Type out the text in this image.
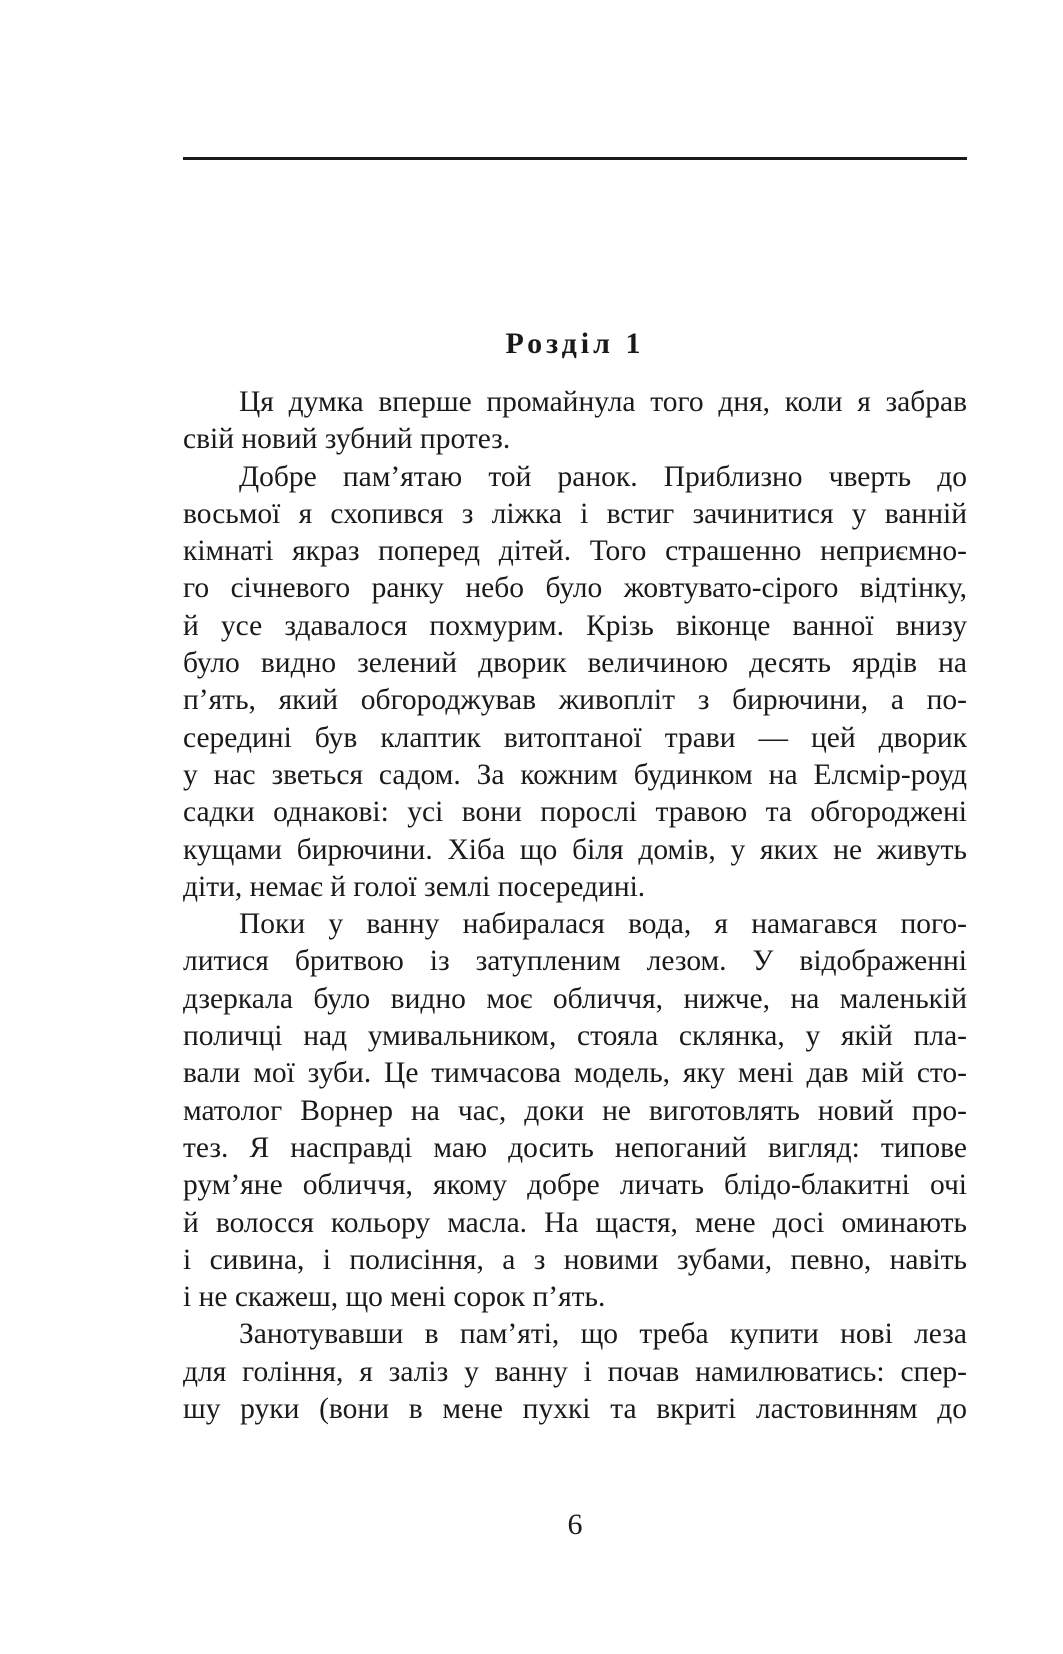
Розділ 1
Ця думка вперше промайнула того дня, коли я забрав
свій новий зубний протез.
Добре пам’ятаю той ранок. Приблизно чверть до
восьмої я схопився з ліжка і встиг зачинитися у ванній
кімнаті якраз поперед дітей. Того страшенно неприємно-
го січневого ранку небо було жовтувато-сірого відтінку,
й усе здавалося похмурим. Крізь віконце ванної внизу
було видно зелений дворик величиною десять ярдів на
п’ять, який обгороджував живопліт з бирючини, а по-
середині був клаптик витоптаної трави — цей дворик
у нас зветься садом. За кожним будинком на Елсмір-роуд
садки однакові: усі вони порослі травою та обгороджені
кущами бирючини. Хіба що біля домів, у яких не живуть
діти, немає й голої землі посередині.
Поки у ванну набиралася вода, я намагався пого-
литися бритвою із затупленим лезом. У відображенні
дзеркала було видно моє обличчя, нижче, на маленькій
поличці над умивальником, стояла склянка, у якій пла-
вали мої зуби. Це тимчасова модель, яку мені дав мій сто-
матолог Ворнер на час, доки не виготовлять новий про-
тез. Я насправді маю досить непоганий вигляд: типове
рум’яне обличчя, якому добре личать блідо-блакитні очі
й волосся кольору масла. На щастя, мене досі оминають
і сивина, і полисіння, а з новими зубами, певно, навіть
і не скажеш, що мені сорок п’ять.
Занотувавши в пам’яті, що треба купити нові леза
для гоління, я заліз у ванну і почав намилюватись: спер-
шу руки (вони в мене пухкі та вкриті ластовинням до
6
